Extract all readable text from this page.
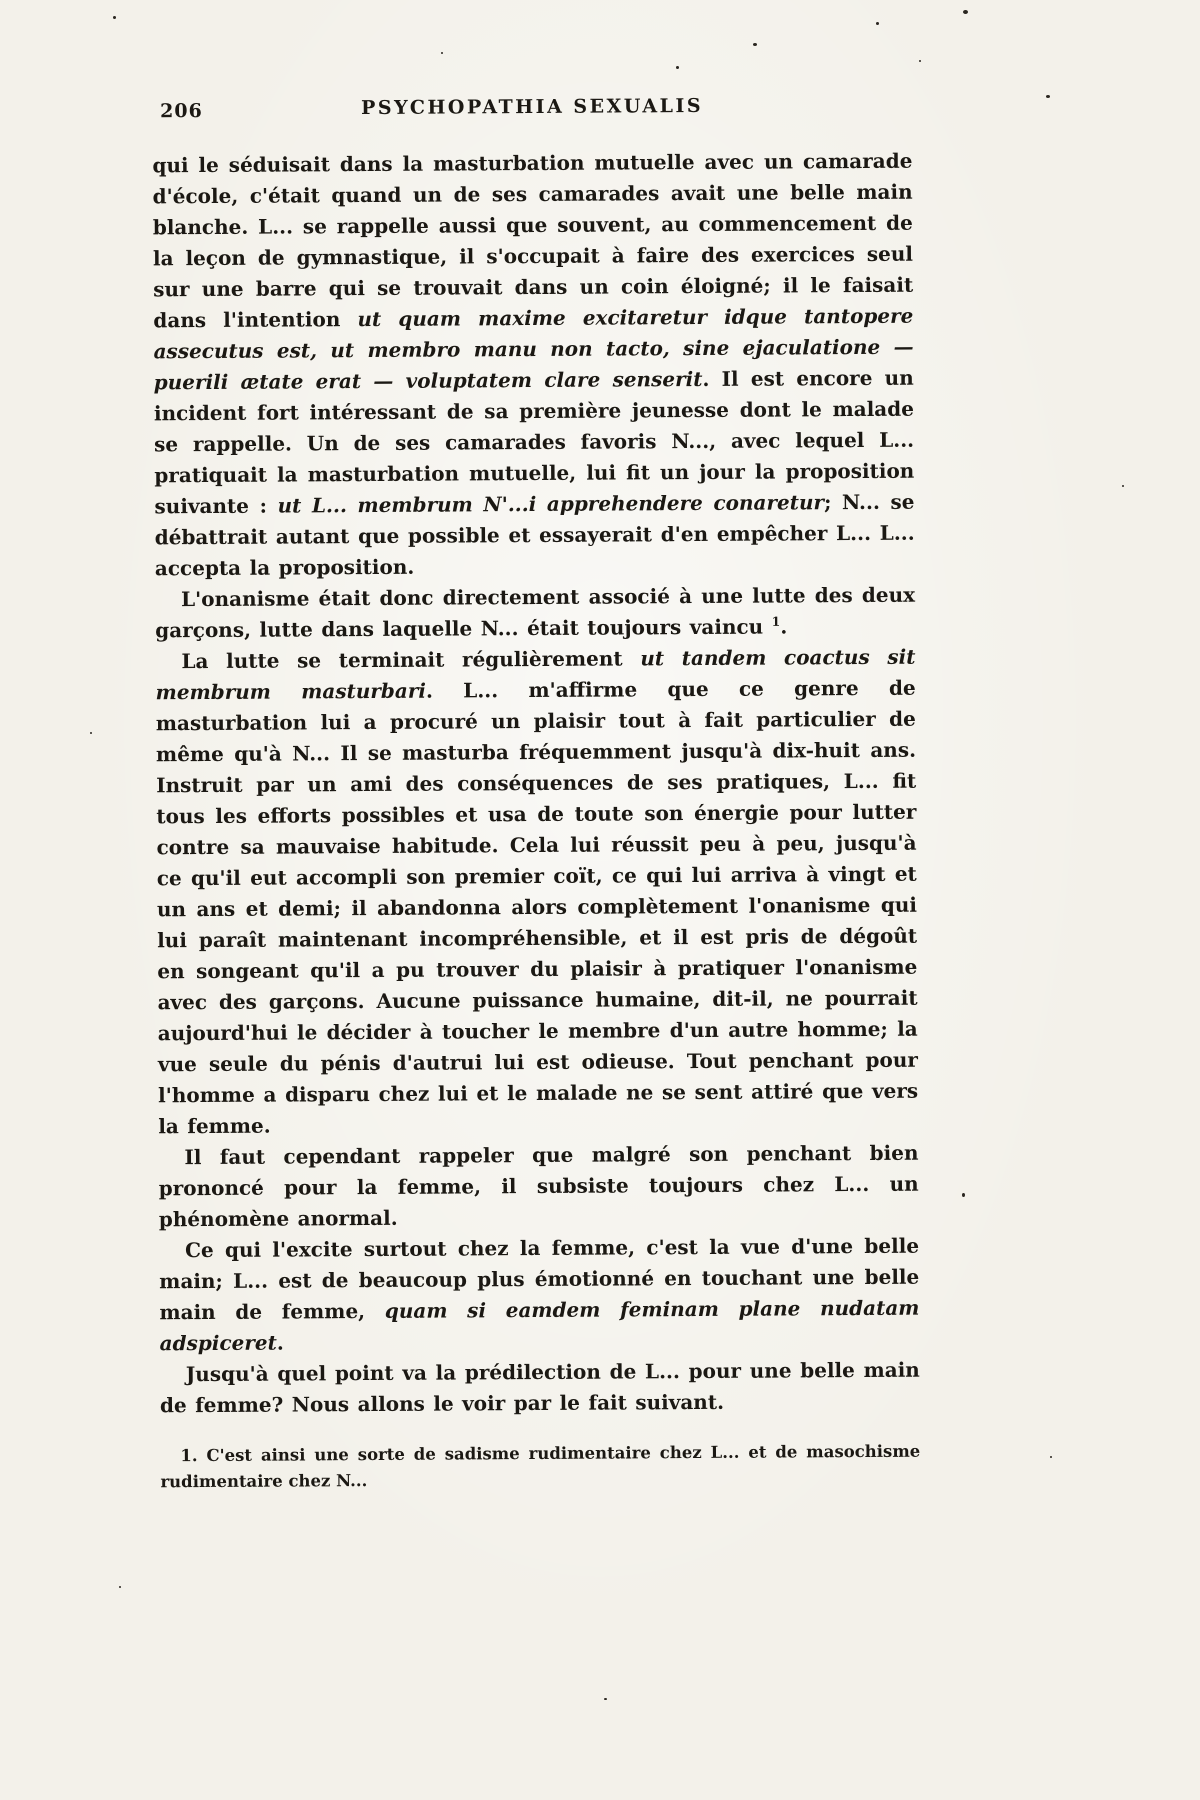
206	PSYCHOPATHIA SEXUALIS

qui le séduisait dans la masturbation mutuelle avec un camarade d'école, c'était quand un de ses camarades avait une belle main blanche. L... se rappelle aussi que souvent, au commencement de la leçon de gymnastique, il s'occupait à faire des exercices seul sur une barre qui se trouvait dans un coin éloigné; il le faisait dans l'intention ut quam maxime excitaretur idque tantopere assecutus est, ut membro manu non tacto, sine ejaculatione — puerili ætate erat — voluptatem clare senserit. Il est encore un incident fort intéressant de sa première jeunesse dont le malade se rappelle. Un de ses camarades favoris N..., avec lequel L... pratiquait la masturbation mutuelle, lui fit un jour la proposition suivante : ut L... membrum N'...i apprehendere conaretur; N... se débattrait autant que possible et essayerait d'en empêcher L... L... accepta la proposition.

L'onanisme était donc directement associé à une lutte des deux garçons, lutte dans laquelle N... était toujours vaincu $^1$.

La lutte se terminait régulièrement ut tandem coactus sit membrum masturbari. L... m'affirme que ce genre de masturbation lui a procuré un plaisir tout à fait particulier de même qu'à N... Il se masturba fréquemment jusqu'à dix-huit ans. Instruit par un ami des conséquences de ses pratiques, L... fit tous les efforts possibles et usa de toute son énergie pour lutter contre sa mauvaise habitude. Cela lui réussit peu à peu, jusqu'à ce qu'il eut accompli son premier coït, ce qui lui arriva à vingt et un ans et demi; il abandonna alors complètement l'onanisme qui lui paraît maintenant incompréhensible, et il est pris de dégoût en songeant qu'il a pu trouver du plaisir à pratiquer l'onanisme avec des garçons. Aucune puissance humaine, dit-il, ne pourrait aujourd'hui le décider à toucher le membre d'un autre homme; la vue seule du pénis d'autrui lui est odieuse. Tout penchant pour l'homme a disparu chez lui et le malade ne se sent attiré que vers la femme.

Il faut cependant rappeler que malgré son penchant bien prononcé pour la femme, il subsiste toujours chez L... un phénomène anormal.

Ce qui l'excite surtout chez la femme, c'est la vue d'une belle main; L... est de beaucoup plus émotionné en touchant une belle main de femme, quam si eamdem feminam plane nudatam adspiceret.

Jusqu'à quel point va la prédilection de L... pour une belle main de femme? Nous allons le voir par le fait suivant.

1. C'est ainsi une sorte de sadisme rudimentaire chez L... et de masochisme rudimentaire chez N...
